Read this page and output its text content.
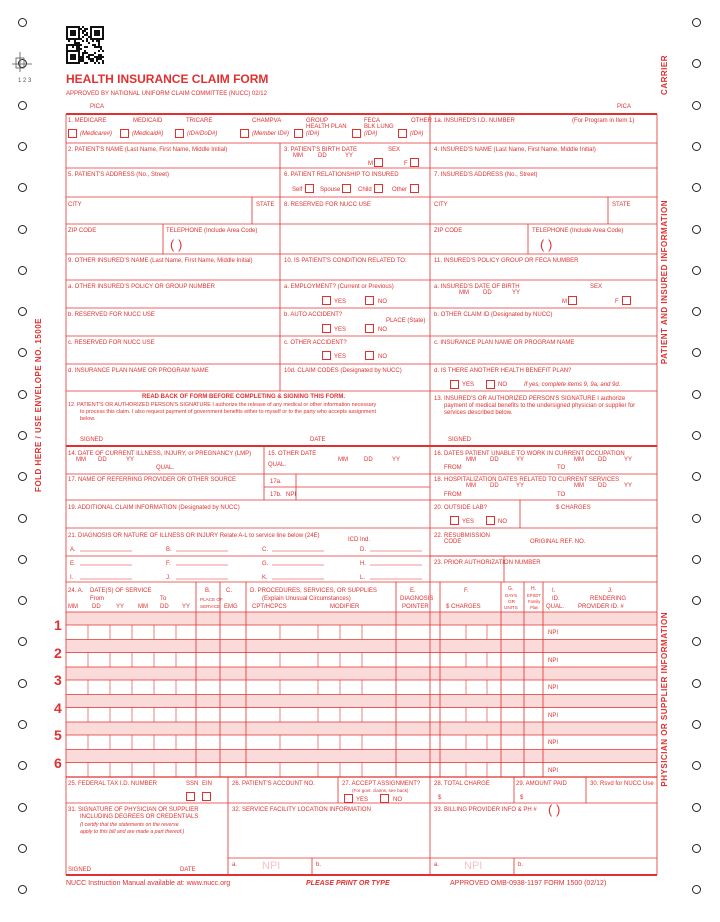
1 2 3	HEALTH INSURANCE CLAIM FORM
APPROVED BY NATIONAL UNIFORM CLAIM COMMITTEE (NUCC) 02/12
PICA	PICA
CARRIER
PATIENT AND INSURED INFORMATION
PHYSICIAN OR SUPPLIER INFORMATION
FOLD HERE / USE ENVELOPE NO. 1500E
1. MEDICARE	MEDICAID	TRICARE	CHAMPVA	GROUP
HEALTH PLAN
FECA
BLK LUNG
OTHER
(Medicare#)	(Medicaid#)	(ID#/DoD#)	(Member ID#)	(ID#)	(ID#)	(ID#)
1a. INSURED'S I.D. NUMBER	(For Program in Item 1)
2. PATIENT'S NAME (Last Name, First Name, Middle Initial)	3. PATIENT'S BIRTH DATE
MM	DD	YY
SEX
M	F
4. INSURED'S NAME (Last Name, First Name, Middle Initial)
5. PATIENT'S ADDRESS (No., Street)	6. PATIENT RELATIONSHIP TO INSURED
Self	Spouse	Child	Other
7. INSURED'S ADDRESS (No., Street)
CITY	STATE 8. RESERVED FOR NUCC USE	CITY	STATE
ZIP CODE	TELEPHONE (Include Area Code)
( )
ZIP CODE	TELEPHONE (Include Area Code)
( )
9. OTHER INSURED'S NAME (Last Name, First Name, Middle Initial)	10. IS PATIENT'S CONDITION RELATED TO:	11. INSURED'S POLICY GROUP OR FECA NUMBER
a. OTHER INSURED'S POLICY OR GROUP NUMBER	a. EMPLOYMENT? (Current or Previous)
YES	NO
a. INSURED'S DATE OF BIRTH
MM DD	YY
SEX
M	F
b. RESERVED FOR NUCC USE	b. AUTO ACCIDENT?
PLACE (State)
YES	NO
b. OTHER CLAIM ID (Designated by NUCC)
c. RESERVED FOR NUCC USE	c. OTHER ACCIDENT?
YES	NO
c. INSURANCE PLAN NAME OR PROGRAM NAME
d. INSURANCE PLAN NAME OR PROGRAM NAME	10d. CLAIM CODES (Designated by NUCC)	d. IS THERE ANOTHER HEALTH BENEFIT PLAN?
YES	NO	If yes, complete items 9, 9a, and 9d.
READ BACK OF FORM BEFORE COMPLETING & SIGNING THIS FORM.
12. PATIENT'S OR AUTHORIZED PERSON'S SIGNATURE I authorize the release of any medical or other information necessary
to process this claim. I also request payment of government benefits either to myself or to the party who accepts assignment
below.
SIGNED	DATE
13. INSURED'S OR AUTHORIZED PERSON'S SIGNATURE I authorize
payment of medical benefits to the undersigned physician or supplier for
services described below.
SIGNED
14. DATE OF CURRENT ILLNESS, INJURY, or PREGNANCY (LMP)
MM DD	YY
QUAL.
15. OTHER DATE
QUAL.
MM	DD	YY
16. DATES PATIENT UNABLE TO WORK IN CURRENT OCCUPATION
MM DD	YY	MM DD	YY
FROM	TO
17. NAME OF REFERRING PROVIDER OR OTHER SOURCE	17a.
17b. NPI
18. HOSPITALIZATION DATES RELATED TO CURRENT SERVICES
MM DD	YY	MM DD	YY
FROM	TO
19. ADDITIONAL CLAIM INFORMATION (Designated by NUCC)	20. OUTSIDE LAB?	$ CHARGES
YES	NO
21. DIAGNOSIS OR NATURE OF ILLNESS OR INJURY Relate A-L to service line below (24E)
ICD Ind.
A.	B.	C.	D.
E.	F.	G.	H.
I.	J.	K.	L.
22. RESUBMISSION
CODE	ORIGINAL REF. NO.
23. PRIOR AUTHORIZATION NUMBER
24. A. DATE(S) OF SERVICE
From	To
MM DD	YY MM DD YY
B.
PLACE OF
SERVICE
C.
EMG
D. PROCEDURES, SERVICES, OR SUPPLIES
(Explain Unusual Circumstances)
CPT/HCPCS	MODIFIER
E.
DIAGNOSIS
POINTER
F.
$ CHARGES
G.
DAYS
OR
UNITS
H.
EPSDT
Family
Plan
I.
ID.
QUAL.
J.
RENDERING
PROVIDER ID. #
1	NPI
2	NPI
3	NPI
4	NPI
5	NPI
6	NPI
25. FEDERAL TAX I.D. NUMBER	SSN EIN	26. PATIENT'S ACCOUNT NO.	27. ACCEPT ASSIGNMENT?
(For govt. claims, see back)
YES	NO
28. TOTAL CHARGE
$
29. AMOUNT PAID
$
30. Rsvd for NUCC Use
31. SIGNATURE OF PHYSICIAN OR SUPPLIER
INCLUDING DEGREES OR CREDENTIALS
(I certify that the statements on the reverse
apply to this bill and are made a part thereof.)
SIGNED	DATE
32. SERVICE FACILITY LOCATION INFORMATION	33. BILLING PROVIDER INFO & PH # ( )
a. NPI	b.	a. NPI	b.
NUCC Instruction Manual available at: www.nucc.org	PLEASE PRINT OR TYPE	APPROVED OMB-0938-1197 FORM 1500 (02/12)
